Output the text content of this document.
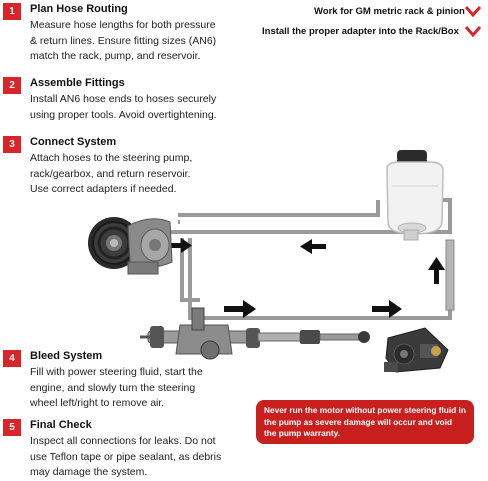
Work for GM metric rack & pinion
Install the proper adapter into the Rack/Box
1	Plan Hose Routing
Measure hose lengths for both pressure
& return lines. Ensure fitting sizes (AN6)
match the rack, pump, and reservoir.
2	Assemble Fittings
Install AN6 hose ends to hoses securely
using proper tools. Avoid overtightening.
3	Connect System
Attach hoses to the steering pump,
rack/gearbox, and return reservoir.
Use correct adapters if needed.
4	Bleed System
Fill with power steering fluid, start the
engine, and slowly turn the steering
wheel left/right to remove air.
5	Final Check
Inspect all connections for leaks. Do not
use Teflon tape or pipe sealant, as debris
may damage the system.
Never run the motor without power steering fluid in the pump as severe damage will occur and void the pump warranty.
